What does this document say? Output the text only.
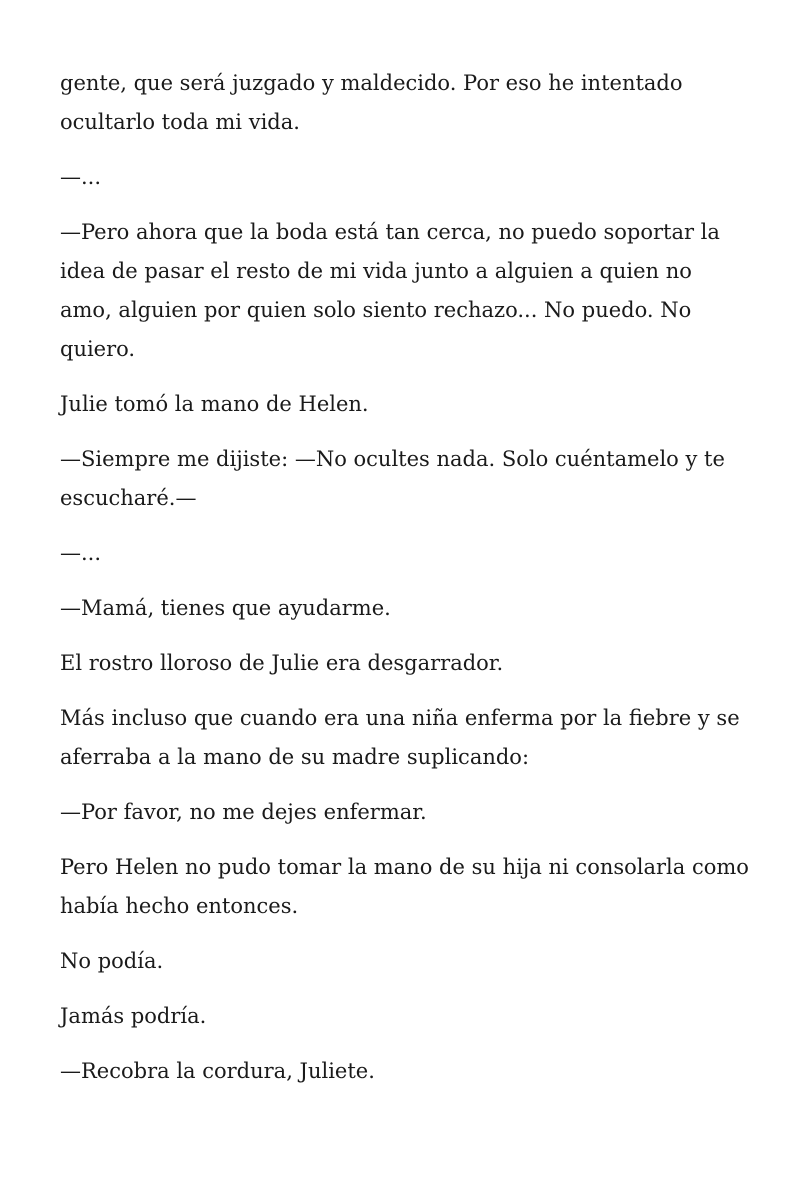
gente, que será juzgado y maldecido. Por eso he intentado ocultarlo toda mi vida.

—...

—Pero ahora que la boda está tan cerca, no puedo soportar la idea de pasar el resto de mi vida junto a alguien a quien no amo, alguien por quien solo siento rechazo... No puedo. No quiero.

Julie tomó la mano de Helen.

—Siempre me dijiste: —No ocultes nada. Solo cuéntamelo y te escucharé.—

—...

—Mamá, tienes que ayudarme.

El rostro lloroso de Julie era desgarrador.

Más incluso que cuando era una niña enferma por la fiebre y se aferraba a la mano de su madre suplicando:

—Por favor, no me dejes enfermar.

Pero Helen no pudo tomar la mano de su hija ni consolarla como había hecho entonces.

No podía.

Jamás podría.

—Recobra la cordura, Juliete.
